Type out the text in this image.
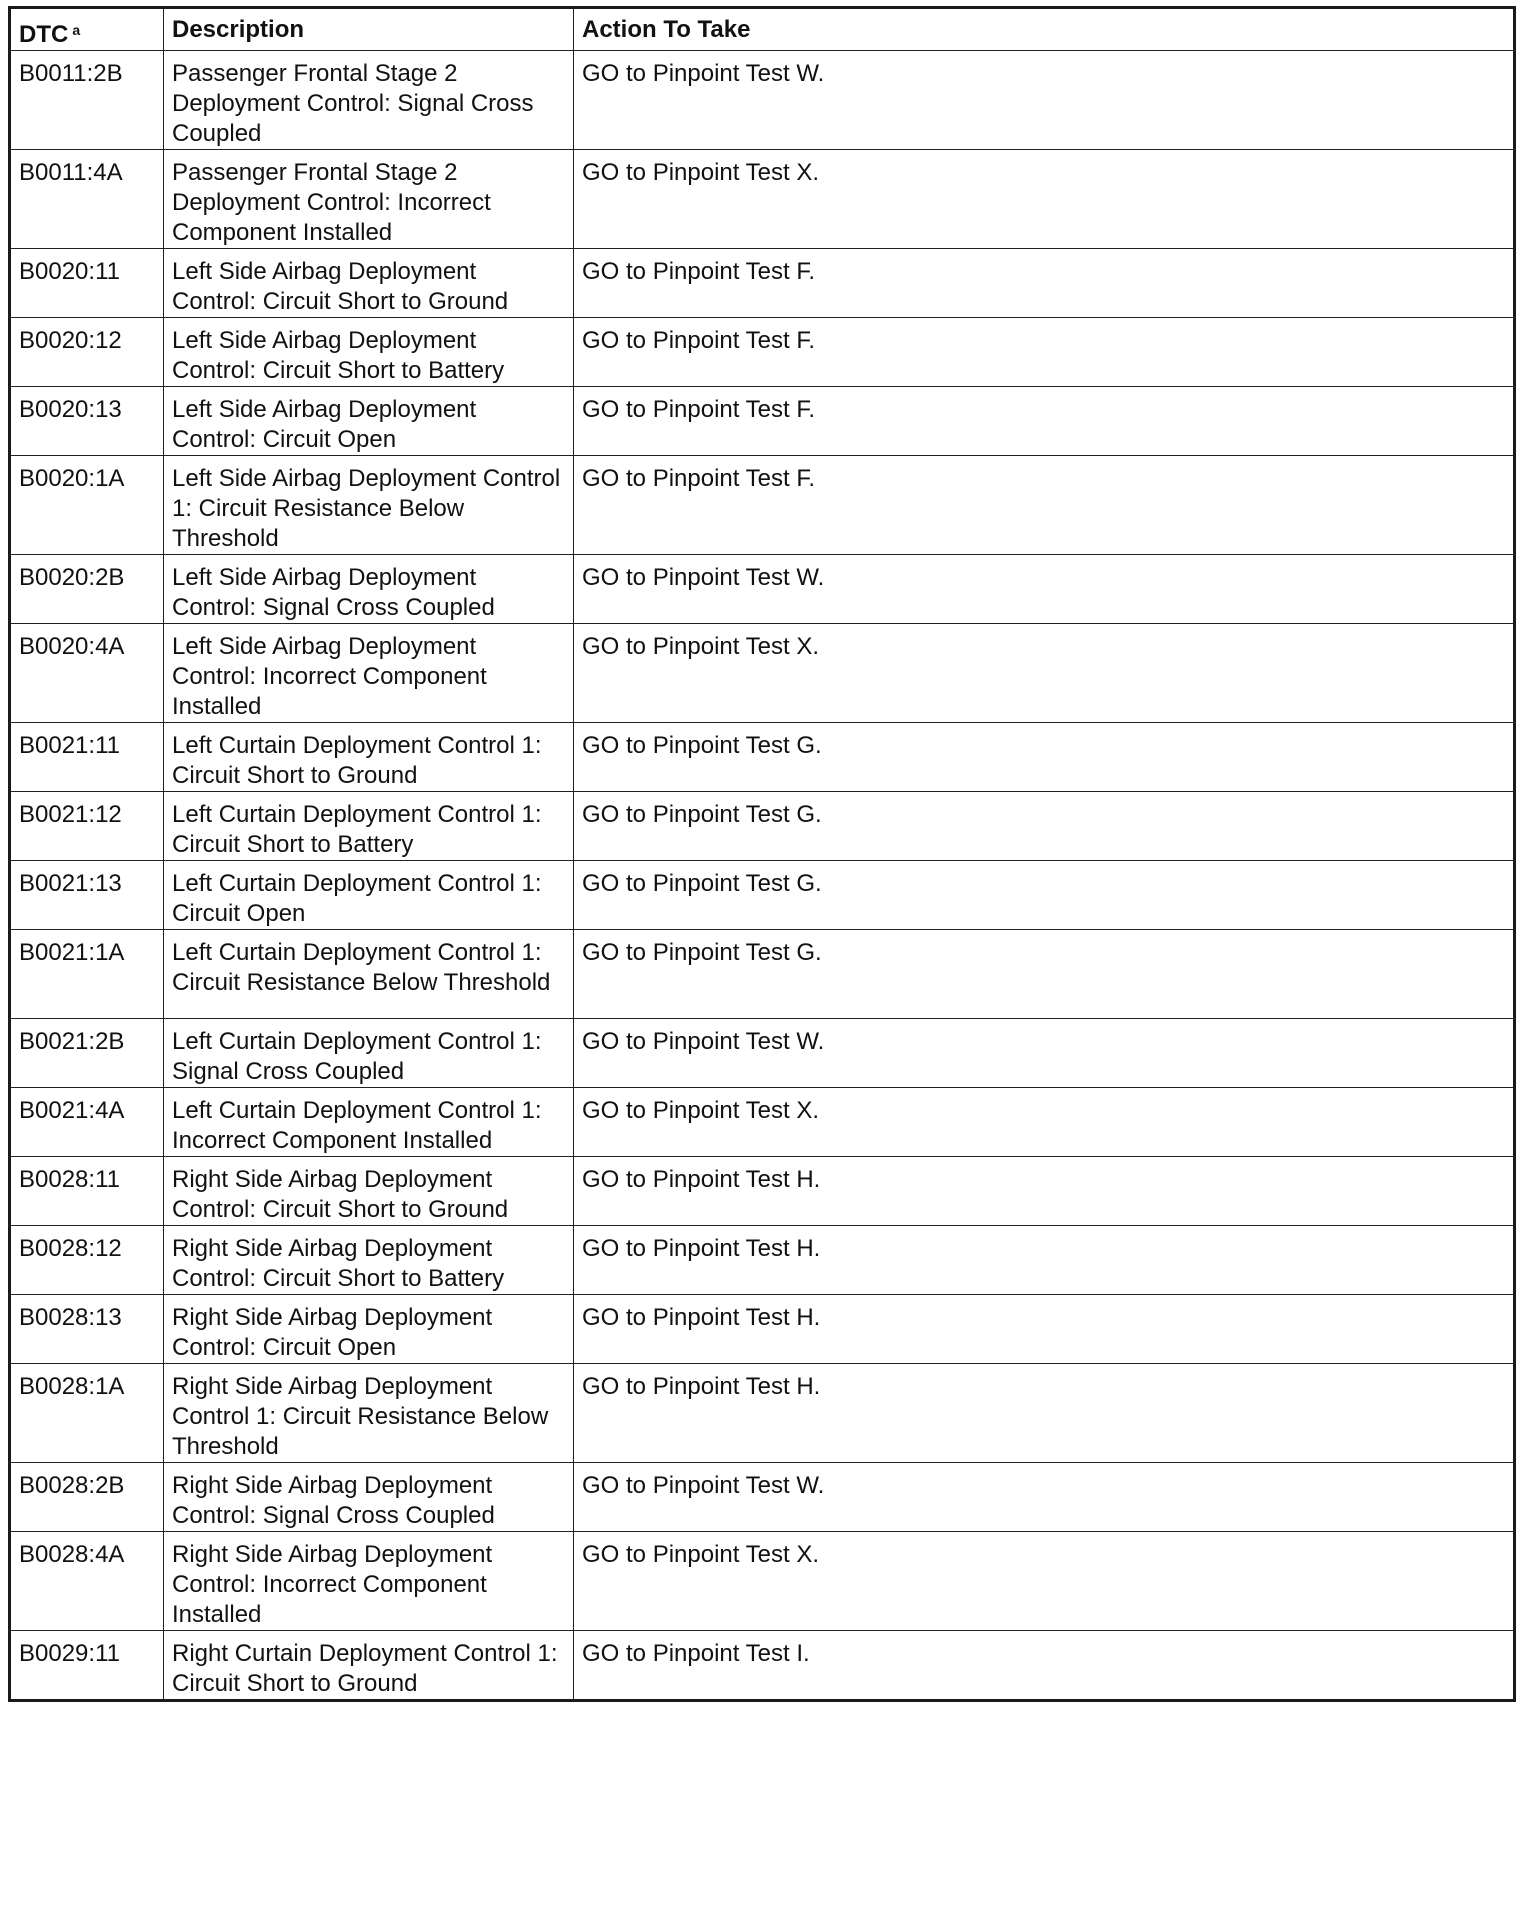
DTC $^a$	Description	Action To Take
B0011:2B	Passenger Frontal Stage 2 Deployment Control: Signal Cross Coupled	GO to Pinpoint Test W.
B0011:4A	Passenger Frontal Stage 2 Deployment Control: Incorrect Component Installed	GO to Pinpoint Test X.
B0020:11	Left Side Airbag Deployment Control: Circuit Short to Ground	GO to Pinpoint Test F.
B0020:12	Left Side Airbag Deployment Control: Circuit Short to Battery	GO to Pinpoint Test F.
B0020:13	Left Side Airbag Deployment Control: Circuit Open	GO to Pinpoint Test F.
B0020:1A	Left Side Airbag Deployment Control 1: Circuit Resistance Below Threshold	GO to Pinpoint Test F.
B0020:2B	Left Side Airbag Deployment Control: Signal Cross Coupled	GO to Pinpoint Test W.
B0020:4A	Left Side Airbag Deployment Control: Incorrect Component Installed	GO to Pinpoint Test X.
B0021:11	Left Curtain Deployment Control 1: Circuit Short to Ground	GO to Pinpoint Test G.
B0021:12	Left Curtain Deployment Control 1: Circuit Short to Battery	GO to Pinpoint Test G.
B0021:13	Left Curtain Deployment Control 1: Circuit Open	GO to Pinpoint Test G.
B0021:1A	Left Curtain Deployment Control 1: Circuit Resistance Below Threshold	GO to Pinpoint Test G.
B0021:2B	Left Curtain Deployment Control 1: Signal Cross Coupled	GO to Pinpoint Test W.
B0021:4A	Left Curtain Deployment Control 1: Incorrect Component Installed	GO to Pinpoint Test X.
B0028:11	Right Side Airbag Deployment Control: Circuit Short to Ground	GO to Pinpoint Test H.
B0028:12	Right Side Airbag Deployment Control: Circuit Short to Battery	GO to Pinpoint Test H.
B0028:13	Right Side Airbag Deployment Control: Circuit Open	GO to Pinpoint Test H.
B0028:1A	Right Side Airbag Deployment Control 1: Circuit Resistance Below Threshold	GO to Pinpoint Test H.
B0028:2B	Right Side Airbag Deployment Control: Signal Cross Coupled	GO to Pinpoint Test W.
B0028:4A	Right Side Airbag Deployment Control: Incorrect Component Installed	GO to Pinpoint Test X.
B0029:11	Right Curtain Deployment Control 1: Circuit Short to Ground	GO to Pinpoint Test I.
